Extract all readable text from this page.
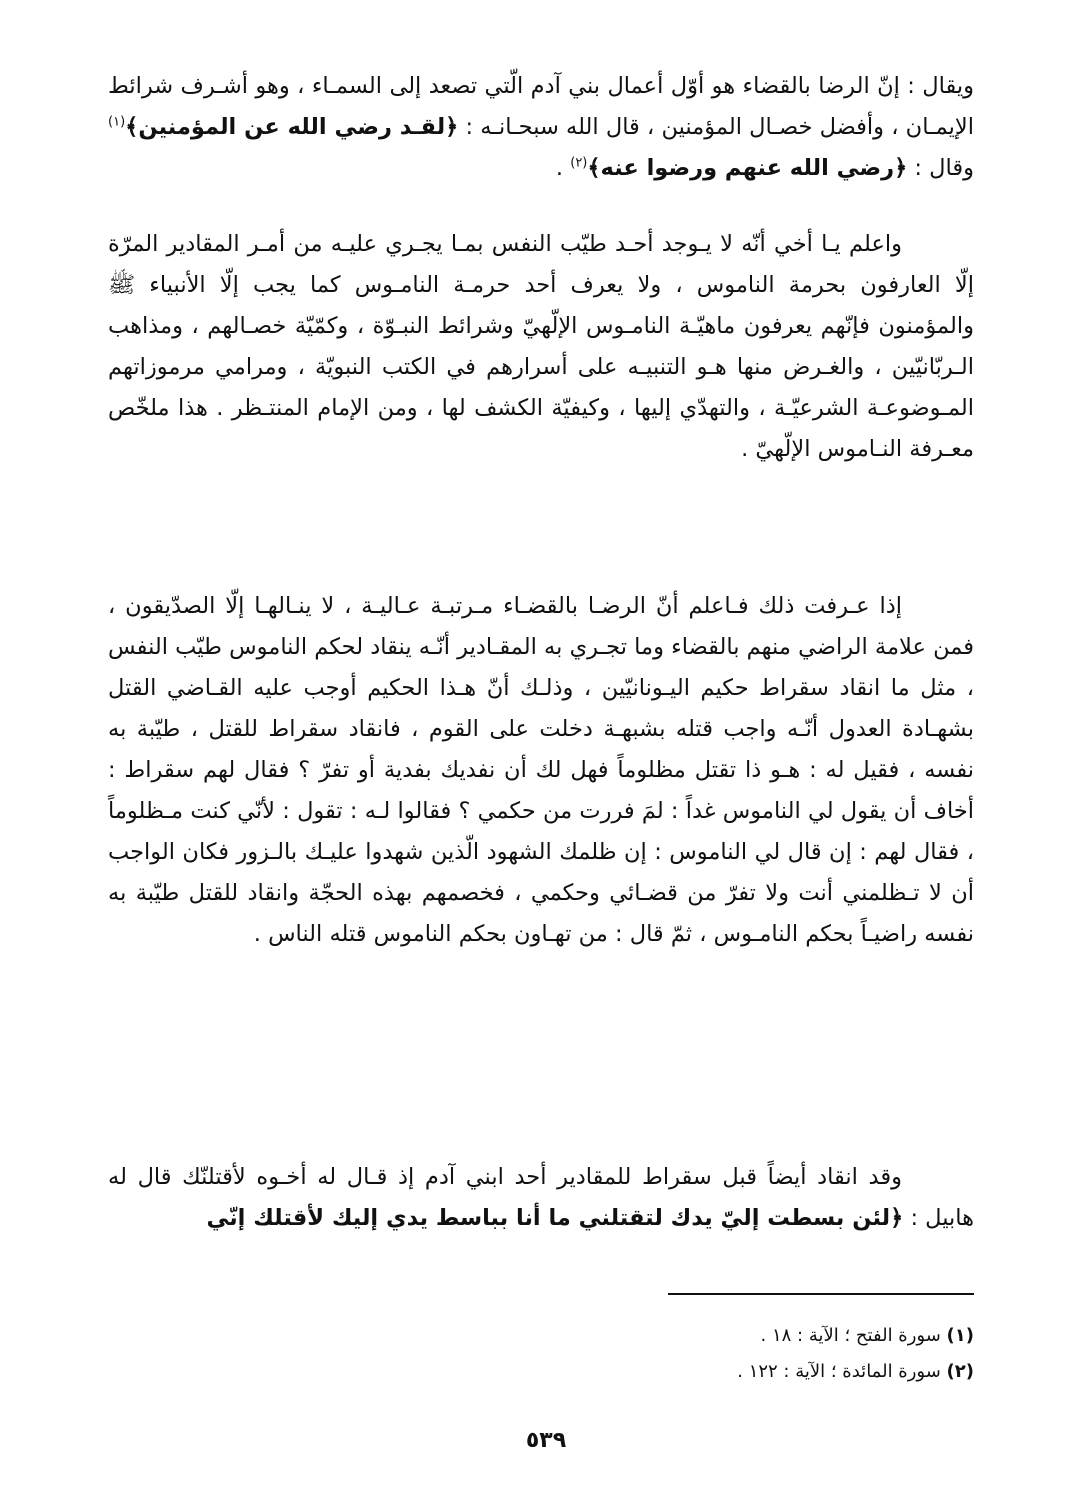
ويقال : إنّ الرضا بالقضاء هو أوّل أعمال بني آدم الّتي تصعد إلى السمـاء ، وهو أشـرف شرائط الإيمـان ، وأفضل خصـال المؤمنين ، قال الله سبحـانـه : ﴿لقـد رضي الله عن المؤمنين﴾$^{(١)}$ وقال : ﴿رضي الله عنهم ورضوا عنه﴾$^{(٢)}$ .

واعلم يـا أخي أنّه لا يـوجد أحـد طيّب النفس بمـا يجـري عليـه من أمـر المقادير المرّة إلّا العارفون بحرمة الناموس ، ولا يعرف أحد حرمـة النامـوس كما يجب إلّا الأنبياء ﷺ والمؤمنون فإنّهم يعرفون ماهيّـة النامـوس الإلّهيّ وشرائط النبـوّة ، وكمّيّة خصـالهم ، ومذاهب الـربّانيّين ، والغـرض منها هـو التنبيـه على أسرارهم في الكتب النبويّة ، ومرامي مرموزاتهم المـوضوعـة الشرعيّـة ، والتهدّي إليها ، وكيفيّة الكشف لها ، ومن الإمام المنتـظر . هذا ملخّص معـرفة النـاموس الإلّهيّ .

إذا عـرفت ذلك فـاعلم أنّ الرضـا بالقضـاء مـرتبـة عـاليـة ، لا ينـالهـا إلّا الصدّيقون ، فمن علامة الراضي منهم بالقضاء وما تجـري به المقـادير أنّـه ينقاد لحكم الناموس طيّب النفس ، مثل ما انقاد سقراط حكيم اليـونانيّين ، وذلـك أنّ هـذا الحكيم أوجب عليه القـاضي القتل بشهـادة العدول أنّـه واجب قتله بشبهـة دخلت على القوم ، فانقاد سقراط للقتل ، طيّبة به نفسه ، فقيل له : هـو ذا تقتل مظلوماً فهل لك أن نفديك بفدية أو تفرّ ؟ فقال لهم سقراط : أخاف أن يقول لي الناموس غداً : لمَ فررت من حكمي ؟ فقالوا لـه : تقول : لأنّي كنت مـظلوماً ، فقال لهم : إن قال لي الناموس : إن ظلمك الشهود الّذين شهدوا عليـك بالـزور فكان الواجب أن لا تـظلمني أنت ولا تفرّ من قضـائي وحكمي ، فخصمهم بهذه الحجّة وانقاد للقتل طيّبة به نفسه راضيـاً بحكم النامـوس ، ثمّ قال : من تهـاون بحكم الناموس قتله الناس .

وقد انقاد أيضاً قبل سقراط للمقادير أحد ابني آدم إذ قـال له أخـوه لأقتلنّك قال له هابيل : ﴿لئن بسطت إليّ يدك لتقتلني ما أنا بباسط يدي إليك لأقتلك إنّي

(١) سورة الفتح ؛ الآية : ١٨ .

(٢) سورة المائدة ؛ الآية : ١٢٢ .

٥٣٩
